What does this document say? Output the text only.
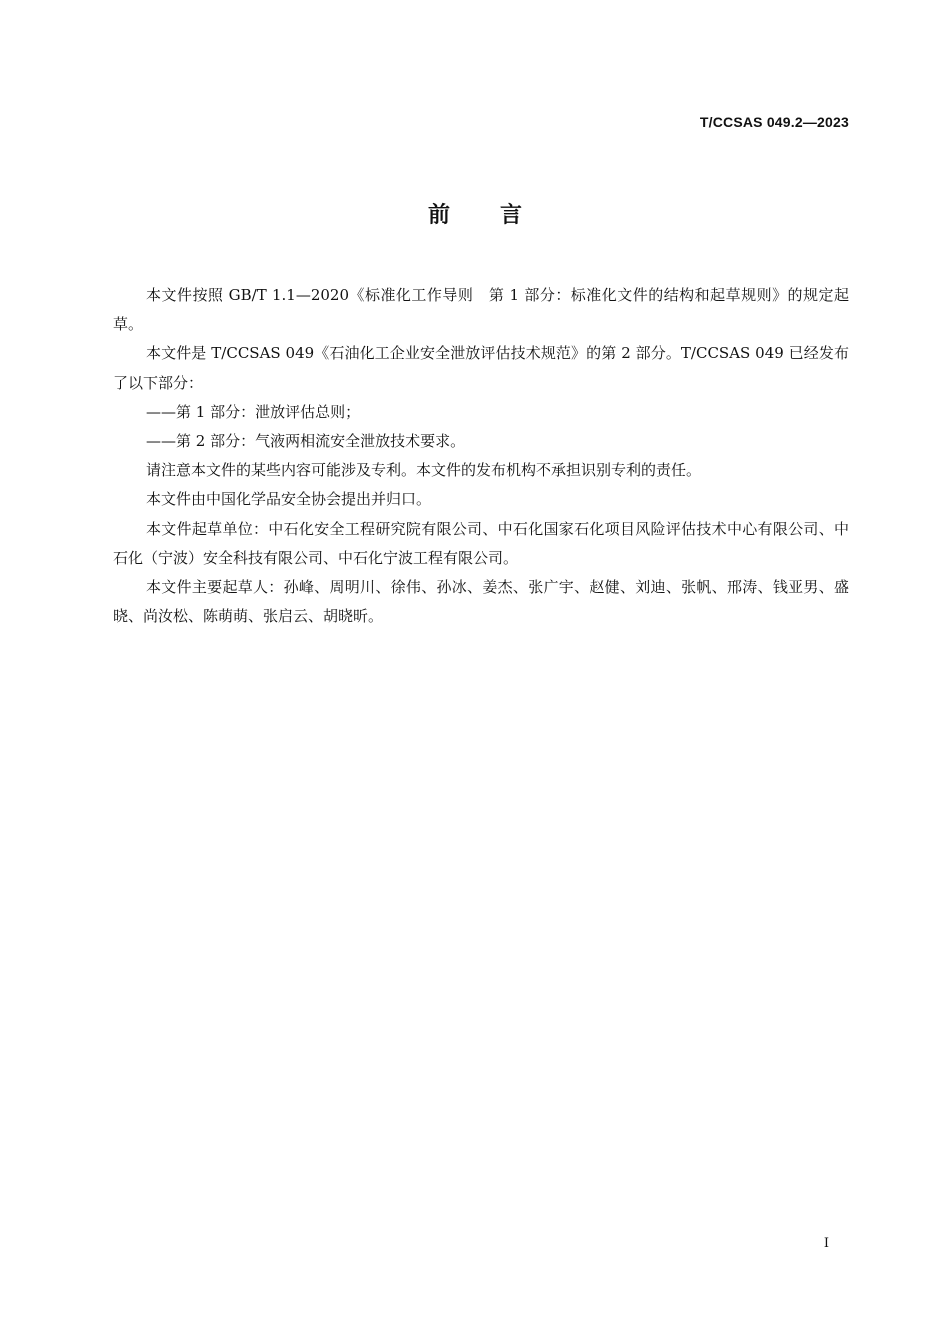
T/CCSAS 049.2—2023
前 言

本文件按照 GB/T 1.1—2020《标准化工作导则　第 1 部分：标准化文件的结构和起草规则》的规定起草。

本文件是 T/CCSAS 049《石油化工企业安全泄放评估技术规范》的第 2 部分。T/CCSAS 049 已经发布了以下部分：

——第 1 部分：泄放评估总则；

——第 2 部分：气液两相流安全泄放技术要求。

请注意本文件的某些内容可能涉及专利。本文件的发布机构不承担识别专利的责任。

本文件由中国化学品安全协会提出并归口。

本文件起草单位：中石化安全工程研究院有限公司、中石化国家石化项目风险评估技术中心有限公司、中石化（宁波）安全科技有限公司、中石化宁波工程有限公司。

本文件主要起草人：孙峰、周明川、徐伟、孙冰、姜杰、张广宇、赵健、刘迪、张帆、邢涛、钱亚男、盛晓、尚汝松、陈萌萌、张启云、胡晓昕。

I
